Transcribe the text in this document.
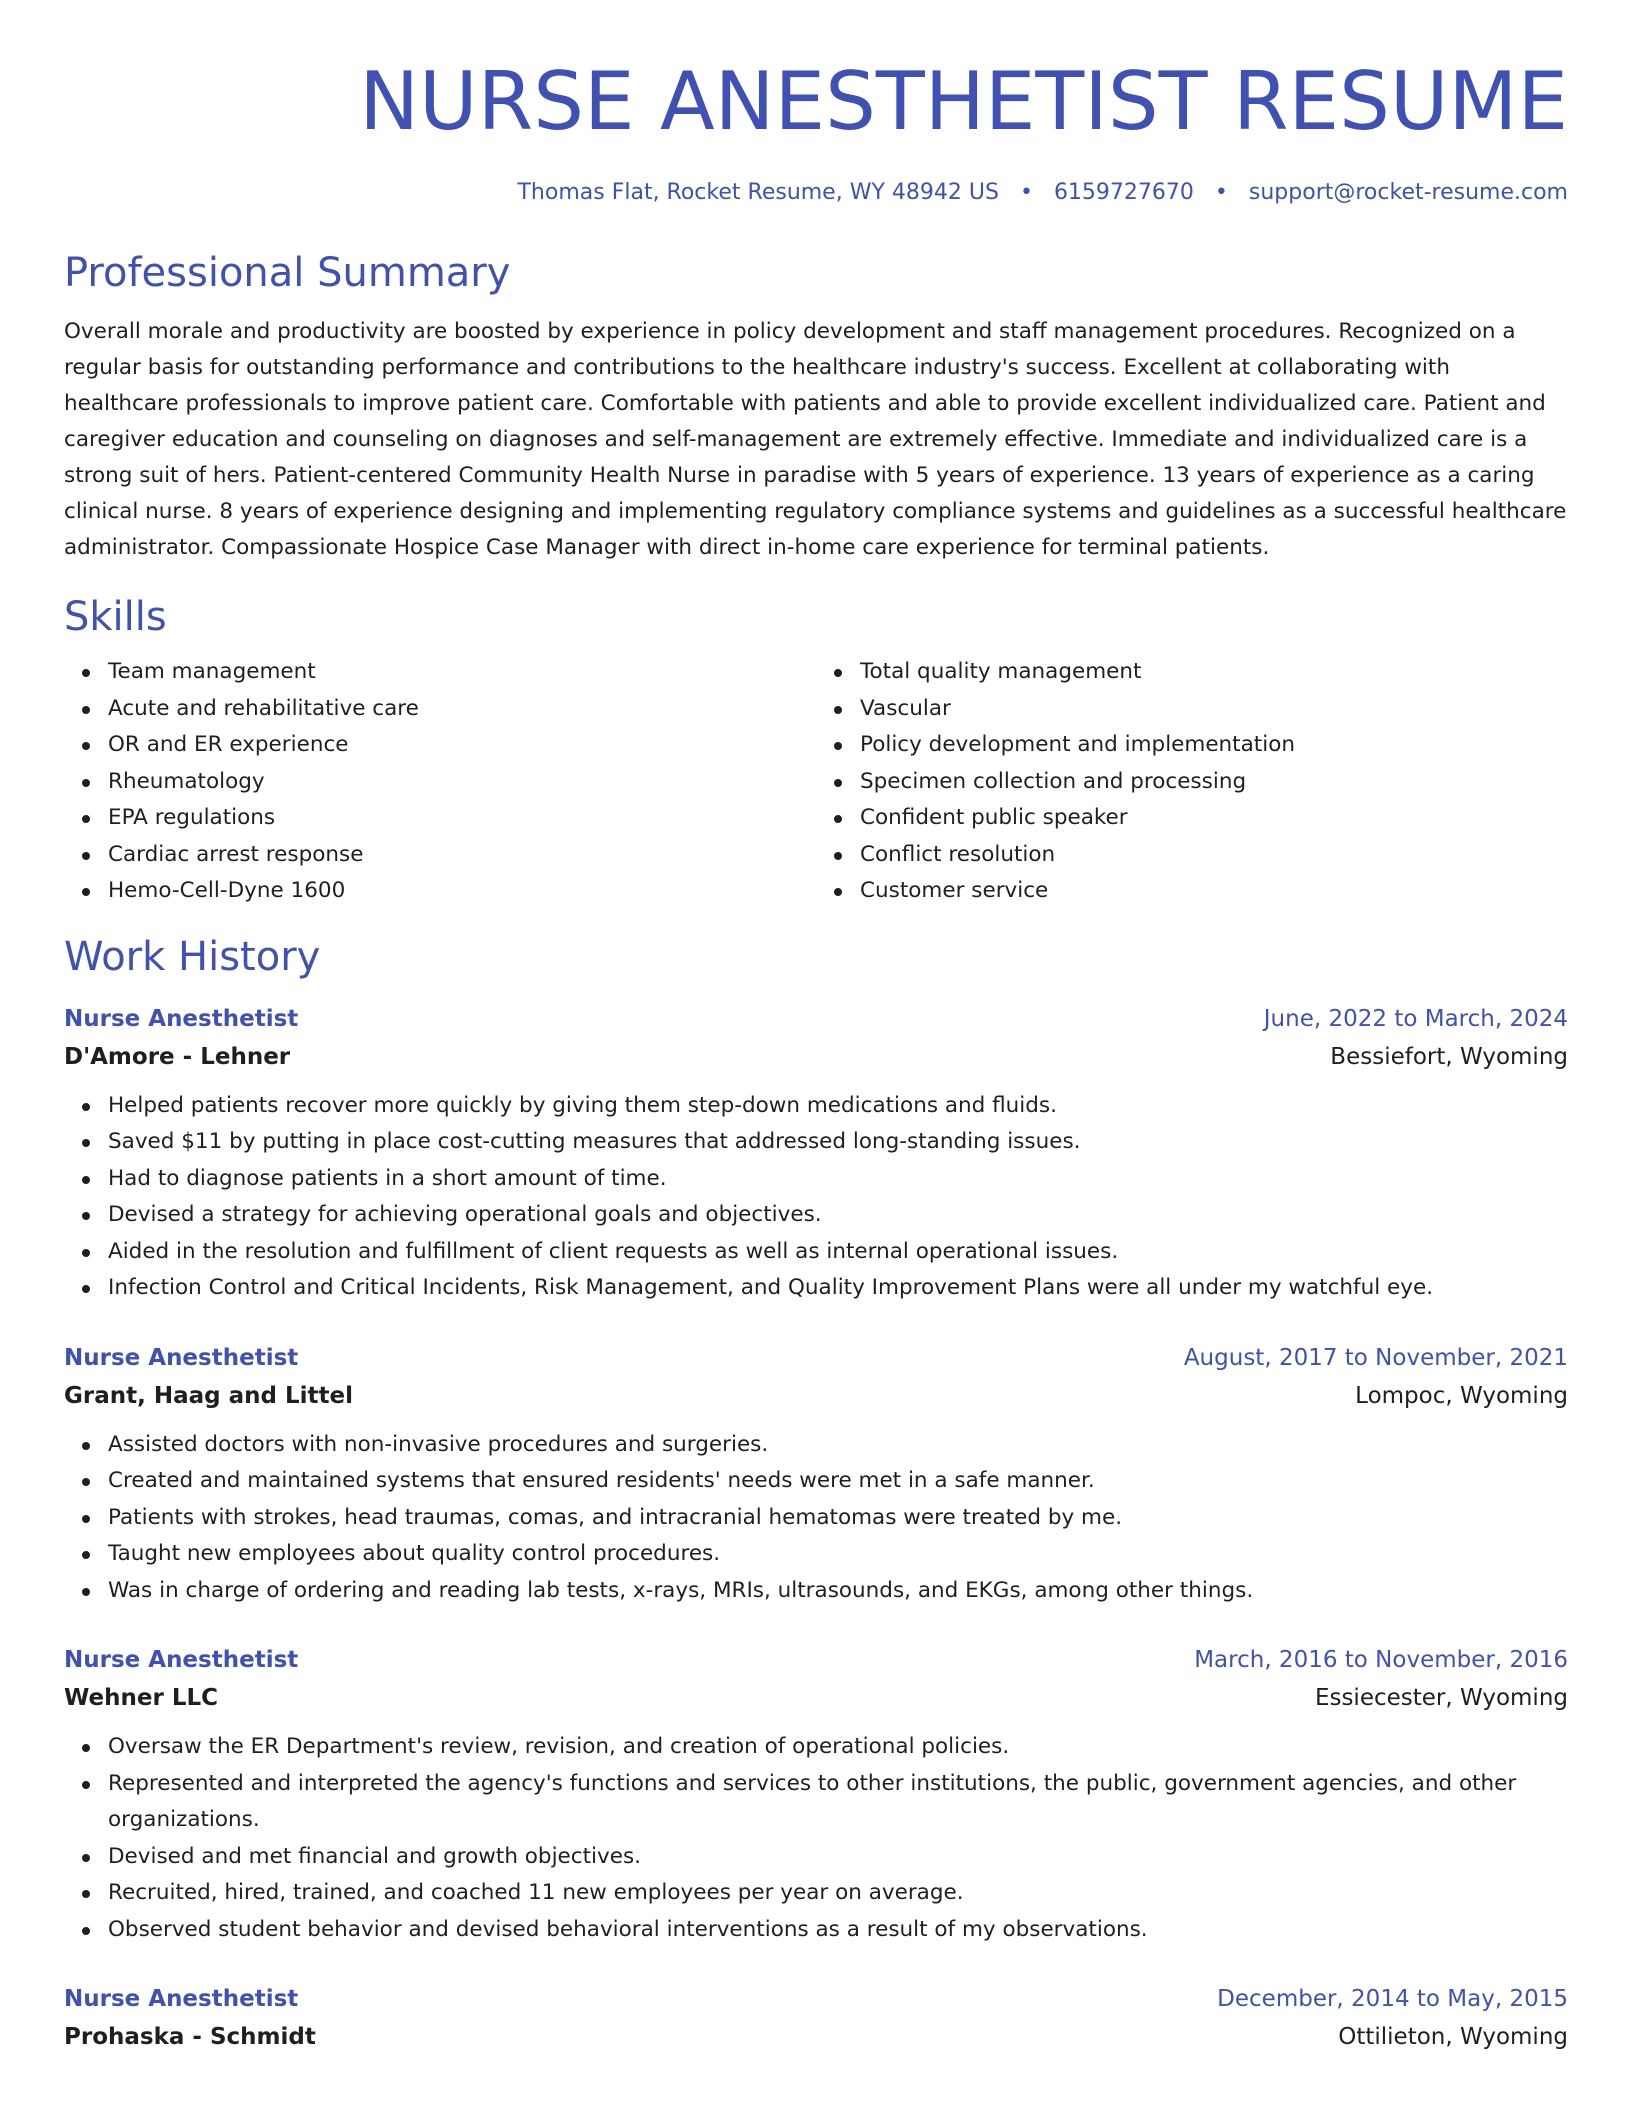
NURSE ANESTHETIST RESUME
Thomas Flat, Rocket Resume, WY 48942 US • 6159727670 • support@rocket-resume.com
Professional Summary

Overall morale and productivity are boosted by experience in policy development and staff management procedures. Recognized on a regular basis for outstanding performance and contributions to the healthcare industry's success. Excellent at collaborating with healthcare professionals to improve patient care. Comfortable with patients and able to provide excellent individualized care. Patient and caregiver education and counseling on diagnoses and self-management are extremely effective. Immediate and individualized care is a strong suit of hers. Patient-centered Community Health Nurse in paradise with 5 years of experience. 13 years of experience as a caring clinical nurse. 8 years of experience designing and implementing regulatory compliance systems and guidelines as a successful healthcare administrator. Compassionate Hospice Case Manager with direct in-home care experience for terminal patients.

Skills
Team management
Acute and rehabilitative care
OR and ER experience
Rheumatology
EPA regulations
Cardiac arrest response
Hemo-Cell-Dyne 1600
Total quality management
Vascular
Policy development and implementation
Specimen collection and processing
Confident public speaker
Conflict resolution
Customer service
Work History
Nurse Anesthetist	June, 2022 to March, 2024
D'Amore - Lehner	Bessiefort, Wyoming
Helped patients recover more quickly by giving them step-down medications and fluids.
Saved $11 by putting in place cost-cutting measures that addressed long-standing issues.
Had to diagnose patients in a short amount of time.
Devised a strategy for achieving operational goals and objectives.
Aided in the resolution and fulfillment of client requests as well as internal operational issues.
Infection Control and Critical Incidents, Risk Management, and Quality Improvement Plans were all under my watchful eye.
Nurse Anesthetist	August, 2017 to November, 2021
Grant, Haag and Littel	Lompoc, Wyoming
Assisted doctors with non-invasive procedures and surgeries.
Created and maintained systems that ensured residents' needs were met in a safe manner.
Patients with strokes, head traumas, comas, and intracranial hematomas were treated by me.
Taught new employees about quality control procedures.
Was in charge of ordering and reading lab tests, x-rays, MRIs, ultrasounds, and EKGs, among other things.
Nurse Anesthetist	March, 2016 to November, 2016
Wehner LLC	Essiecester, Wyoming
Oversaw the ER Department's review, revision, and creation of operational policies.
Represented and interpreted the agency's functions and services to other institutions, the public, government agencies, and other organizations.
Devised and met financial and growth objectives.
Recruited, hired, trained, and coached 11 new employees per year on average.
Observed student behavior and devised behavioral interventions as a result of my observations.
Nurse Anesthetist	December, 2014 to May, 2015
Prohaska - Schmidt	Ottilieton, Wyoming
